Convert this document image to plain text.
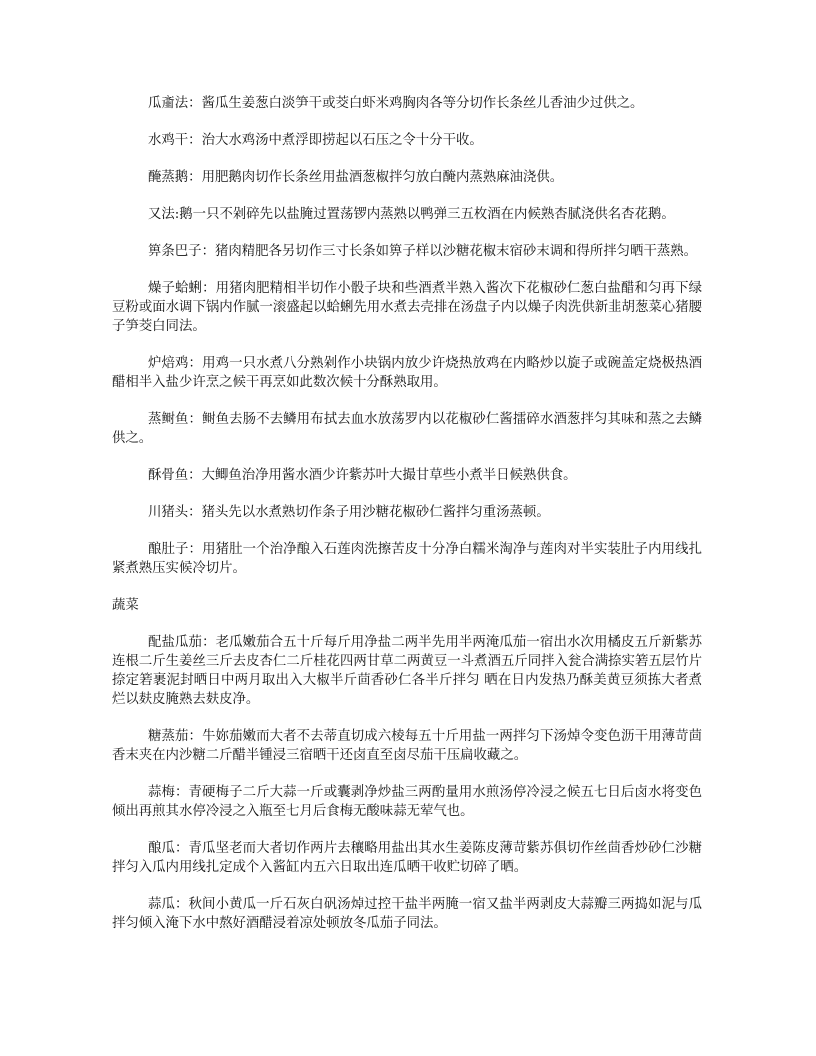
瓜齑法：酱瓜生姜葱白淡笋干或茭白虾米鸡胸肉各等分切作长条丝儿香油少过供之。

水鸡干：治大水鸡汤中煮浮即捞起以石压之令十分干收。

醃蒸鹅：用肥鹅肉切作长条丝用盐酒葱椒拌匀放白醃内蒸熟麻油浇供。

又法:鹅一只不剁碎先以盐腌过置荡锣内蒸熟以鸭弹三五枚酒在内候熟杏腻浇供名杏花鹅。

箅条巴子：猪肉精肥各另切作三寸长条如箅子样以沙糖花椒末宿砂末调和得所拌匀晒干蒸熟。

燥子蛤蜊：用猪肉肥精相半切作小骰子块和些酒煮半熟入酱次下花椒砂仁葱白盐醋和匀再下绿豆粉或面水调下锅内作腻一滚盛起以蛤蜊先用水煮去壳排在汤盘子内以燥子肉洗供新韭胡葱菜心猪腰子笋茭白同法。

炉焙鸡：用鸡一只水煮八分熟剁作小块锅内放少许烧热放鸡在内略炒以旋子或碗盖定烧极热酒醋相半入盐少许烹之候干再烹如此数次候十分酥熟取用。

蒸鲥鱼：鲥鱼去肠不去鳞用布拭去血水放荡罗内以花椒砂仁酱擂碎水酒葱拌匀其味和蒸之去鳞供之。

酥骨鱼：大鲫鱼治净用酱水酒少许紫苏叶大撮甘草些小煮半日候熟供食。

川猪头：猪头先以水煮熟切作条子用沙糖花椒砂仁酱拌匀重汤蒸顿。

酿肚子：用猪肚一个治净酿入石莲肉洗擦苦皮十分净白糯米淘净与莲肉对半实装肚子内用线扎紧煮熟压实候冷切片。

蔬菜

配盐瓜茄：老瓜嫩茄合五十斤每斤用净盐二两半先用半两淹瓜茄一宿出水次用橘皮五斤新紫苏连根二斤生姜丝三斤去皮杏仁二斤桂花四两甘草二两黄豆一斗煮酒五斤同拌入瓮合满捺实箬五层竹片捺定箬裹泥封晒日中两月取出入大椒半斤茴香砂仁各半斤拌匀 晒在日内发热乃酥美黄豆须拣大者煮烂以麸皮腌熟去麸皮净。

糖蒸茄：牛妳茄嫩而大者不去蒂直切成六棱每五十斤用盐一两拌匀下汤焯令变色沥干用薄苛茴香末夹在内沙糖二斤醋半锺浸三宿晒干还卤直至卤尽茄干压扁收藏之。

蒜梅：青硬梅子二斤大蒜一斤或囊剥净炒盐三两酌量用水煎汤停冷浸之候五七日后卤水将变色倾出再煎其水停冷浸之入瓶至七月后食梅无酸味蒜无荤气也。

酿瓜：青瓜坚老而大者切作两片去穰略用盐出其水生姜陈皮薄苛紫苏俱切作丝茴香炒砂仁沙糖拌匀入瓜内用线扎定成个入酱缸内五六日取出连瓜晒干收贮切碎了晒。

蒜瓜：秋间小黄瓜一斤石灰白矾汤焯过控干盐半两腌一宿又盐半两剥皮大蒜瓣三两捣如泥与瓜拌匀倾入淹下水中熬好酒醋浸着凉处顿放冬瓜茄子同法。
